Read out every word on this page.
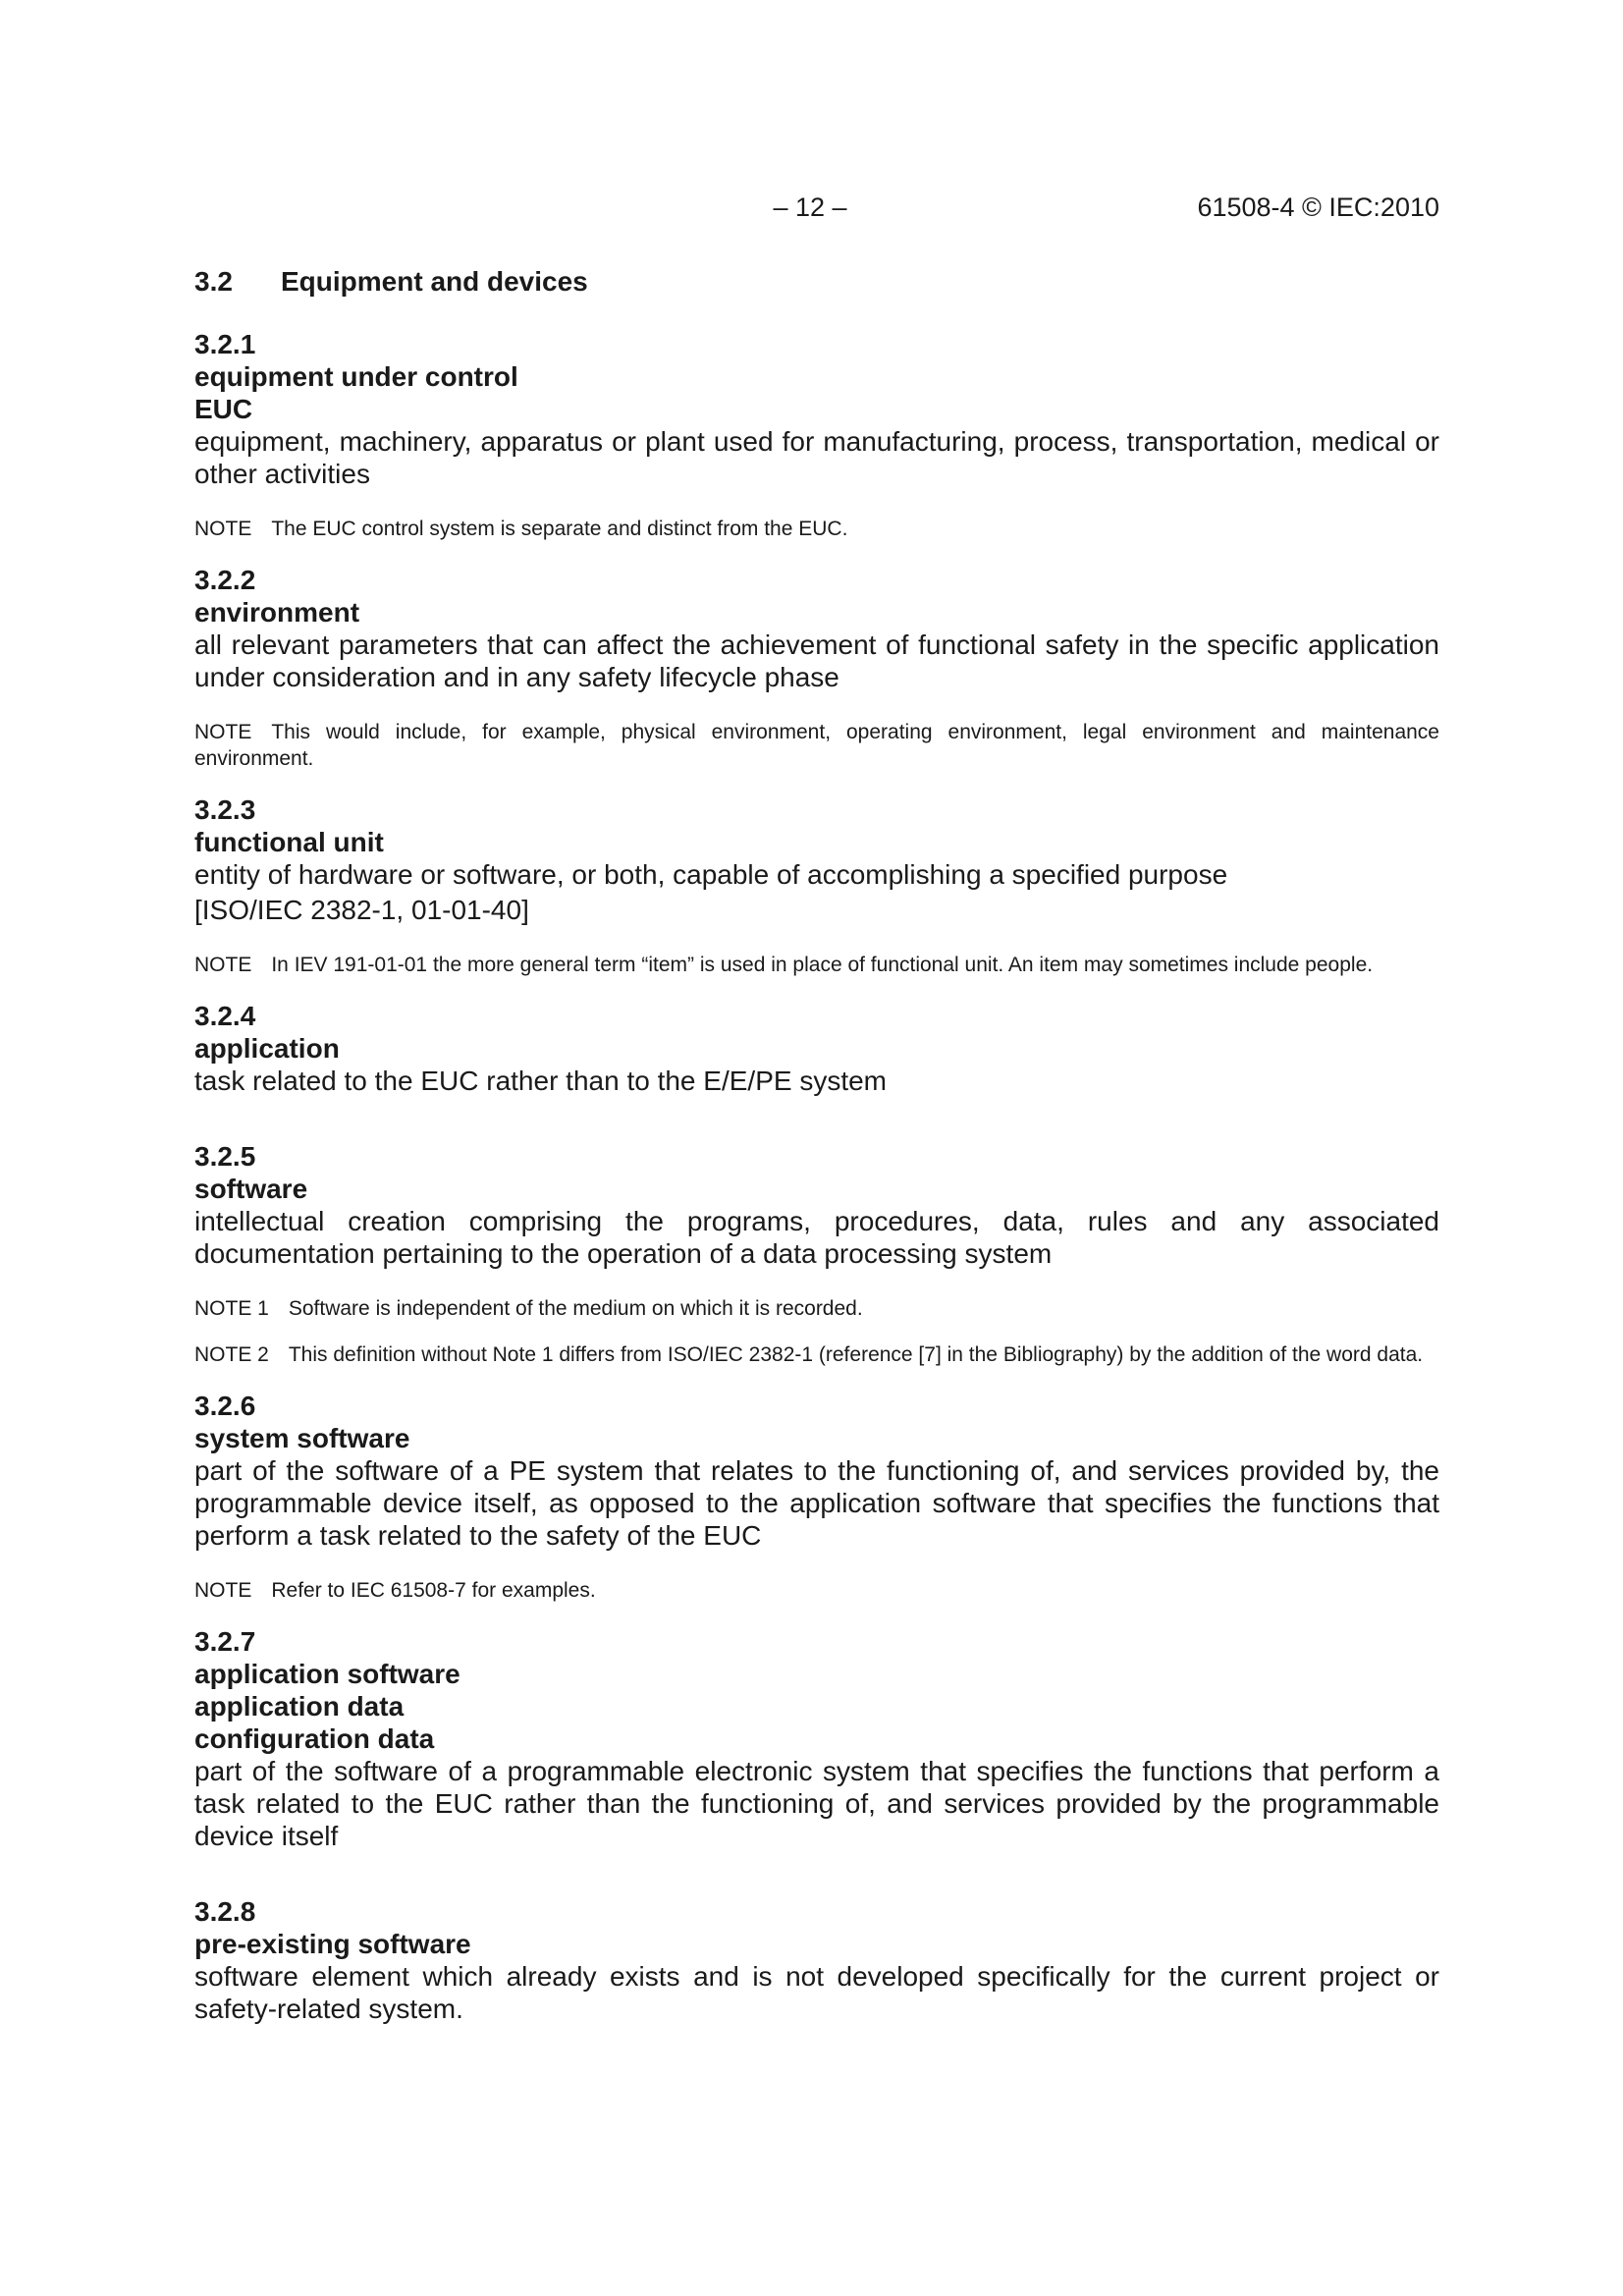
– 12 –	61508-4 © IEC:2010
3.2 Equipment and devices
3.2.1
equipment under control
EUC
equipment, machinery, apparatus or plant used for manufacturing, process, transportation, medical or other activities
NOTE The EUC control system is separate and distinct from the EUC.
3.2.2
environment
all relevant parameters that can affect the achievement of functional safety in the specific application under consideration and in any safety lifecycle phase
NOTE This would include, for example, physical environment, operating environment, legal environment and maintenance environment.
3.2.3
functional unit
entity of hardware or software, or both, capable of accomplishing a specified purpose
[ISO/IEC 2382-1, 01-01-40]
NOTE In IEV 191-01-01 the more general term “item” is used in place of functional unit. An item may sometimes include people.
3.2.4
application
task related to the EUC rather than to the E/E/PE system
3.2.5
software
intellectual creation comprising the programs, procedures, data, rules and any associated documentation pertaining to the operation of a data processing system
NOTE 1 Software is independent of the medium on which it is recorded.
NOTE 2 This definition without Note 1 differs from ISO/IEC 2382-1 (reference [7] in the Bibliography) by the addition of the word data.
3.2.6
system software
part of the software of a PE system that relates to the functioning of, and services provided by, the programmable device itself, as opposed to the application software that specifies the functions that perform a task related to the safety of the EUC
NOTE Refer to IEC 61508-7 for examples.
3.2.7
application software
application data
configuration data
part of the software of a programmable electronic system that specifies the functions that perform a task related to the EUC rather than the functioning of, and services provided by the programmable device itself
3.2.8
pre-existing software
software element which already exists and is not developed specifically for the current project or safety-related system.
